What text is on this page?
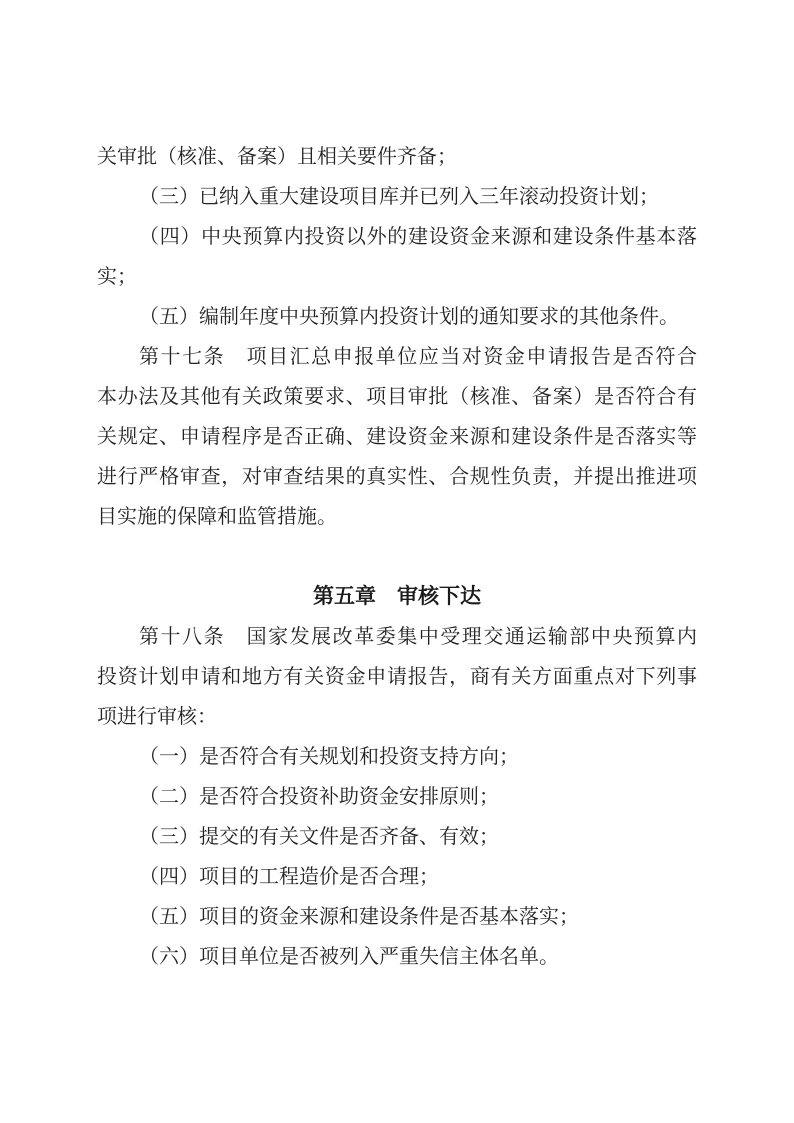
关审批（核准、备案）且相关要件齐备；
（三）已纳入重大建设项目库并已列入三年滚动投资计划；
（四）中央预算内投资以外的建设资金来源和建设条件基本落
实；
（五）编制年度中央预算内投资计划的通知要求的其他条件。
第十七条　项目汇总申报单位应当对资金申请报告是否符合
本办法及其他有关政策要求、项目审批（核准、备案）是否符合有
关规定、申请程序是否正确、建设资金来源和建设条件是否落实等
进行严格审查，对审查结果的真实性、合规性负责，并提出推进项
目实施的保障和监管措施。
第五章　审核下达
第十八条　国家发展改革委集中受理交通运输部中央预算内
投资计划申请和地方有关资金申请报告，商有关方面重点对下列事
项进行审核：
（一）是否符合有关规划和投资支持方向；
（二）是否符合投资补助资金安排原则；
（三）提交的有关文件是否齐备、有效；
（四）项目的工程造价是否合理；
（五）项目的资金来源和建设条件是否基本落实；
（六）项目单位是否被列入严重失信主体名单。
